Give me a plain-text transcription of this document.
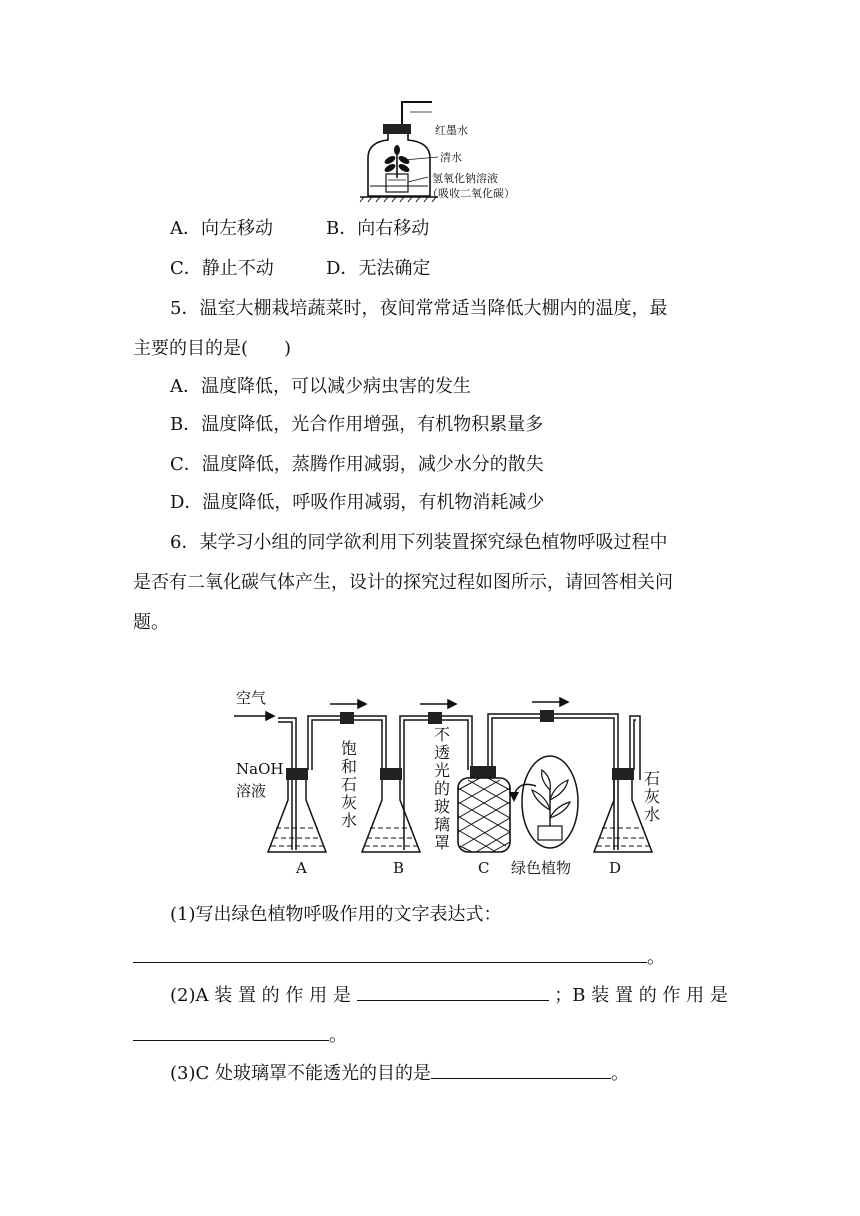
红墨水
清水
氢氧化钠溶液
（吸收二氧化碳）
A．向左移动	B．向右移动
C．静止不动	D．无法确定
5．温室大棚栽培蔬菜时，夜间常常适当降低大棚内的温度，最
主要的目的是(　　)
A．温度降低，可以减少病虫害的发生
B．温度降低，光合作用增强，有机物积累量多
C．温度降低，蒸腾作用减弱，减少水分的散失
D．温度降低，呼吸作用减弱，有机物消耗减少
6．某学习小组的同学欲利用下列装置探究绿色植物呼吸过程中
是否有二氧化碳气体产生，设计的探究过程如图所示，请回答相关问
题。
空气
NaOH溶液
饱和石灰水
不透光的玻璃罩
石灰水
绿色植物
A	B	C	D
(1)写出绿色植物呼吸作用的文字表达式：
。
(2)A 装 置 的 作 用 是	；B 装 置 的 作 用 是
。
(3)C 处玻璃罩不能透光的目的是	。
